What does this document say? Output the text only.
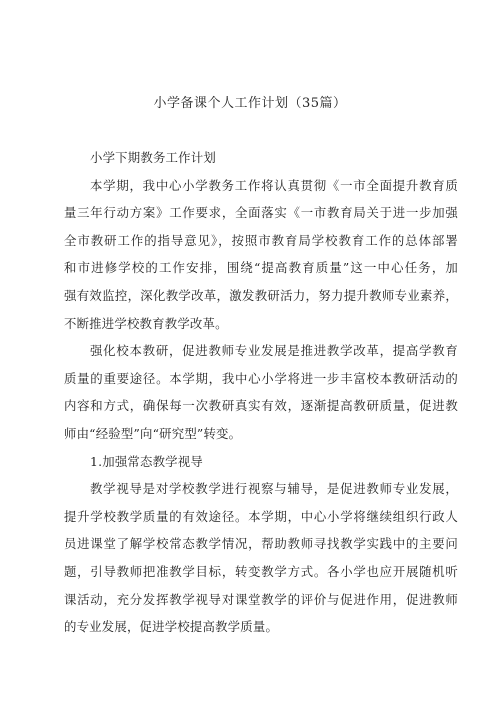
小学备课个人工作计划（35篇）
小学下期教务工作计划
本学期，我中心小学教务工作将认真贯彻《一市全面提升教育质
量三年行动方案》工作要求，全面落实《一市教育局关于进一步加强
全市教研工作的指导意见》，按照市教育局学校教育工作的总体部署
和市进修学校的工作安排，围绕“提高教育质量”这一中心任务，加
强有效监控，深化教学改革，激发教研活力，努力提升教师专业素养，
不断推进学校教育教学改革。
强化校本教研，促进教师专业发展是推进教学改革，提高学教育
质量的重要途径。本学期，我中心小学将进一步丰富校本教研活动的
内容和方式，确保每一次教研真实有效，逐渐提高教研质量，促进教
师由“经验型”向“研究型”转变。
1.加强常态教学视导
教学视导是对学校教学进行视察与辅导，是促进教师专业发展，
提升学校教学质量的有效途径。本学期，中心小学将继续组织行政人
员进课堂了解学校常态教学情况，帮助教师寻找教学实践中的主要问
题，引导教师把准教学目标，转变教学方式。各小学也应开展随机听
课活动，充分发挥教学视导对课堂教学的评价与促进作用，促进教师
的专业发展，促进学校提高教学质量。
